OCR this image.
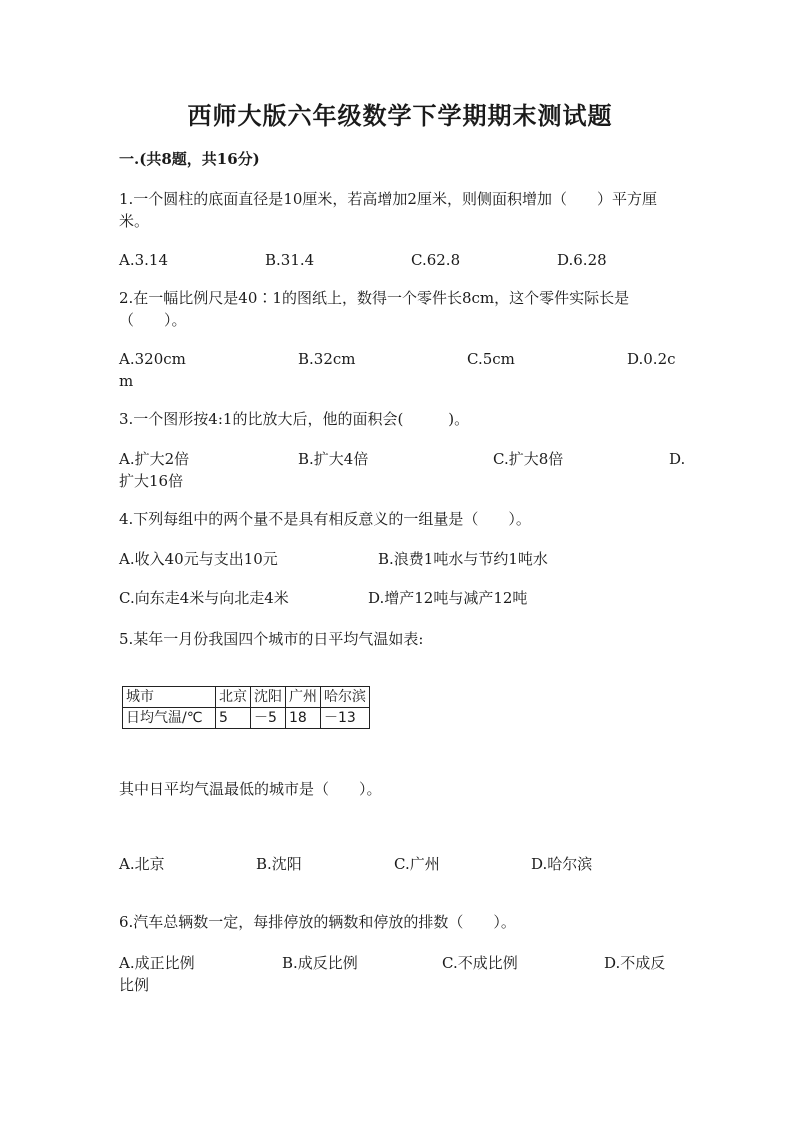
西师大版六年级数学下学期期末测试题
一.(共8题，共16分)
1.一个圆柱的底面直径是10厘米，若高增加2厘米，则侧面积增加（　　）平方厘米。
A.3.14	B.31.4	C.62.8	D.6.28
2.在一幅比例尺是40∶1的图纸上，数得一个零件长8cm，这个零件实际长是（　　）。
A.320cm	B.32cm	C.5cm	D.0.2c
m
3.一个图形按4:1的比放大后，他的面积会(　　　)。
A.扩大2倍	B.扩大4倍	C.扩大8倍	D.
扩大16倍
4.下列每组中的两个量不是具有相反意义的一组量是（　　）。
A.收入40元与支出10元	B.浪费1吨水与节约1吨水
C.向东走4米与向北走4米	D.增产12吨与减产12吨
5.某年一月份我国四个城市的日平均气温如表:
城市	北京	沈阳	广州	哈尔滨
日均气温/℃	5	－5	18	－13
其中日平均气温最低的城市是（　　）。
A.北京	B.沈阳	C.广州	D.哈尔滨
6.汽车总辆数一定，每排停放的辆数和停放的排数（　　）。
A.成正比例	B.成反比例	C.不成比例	D.不成反
比例
